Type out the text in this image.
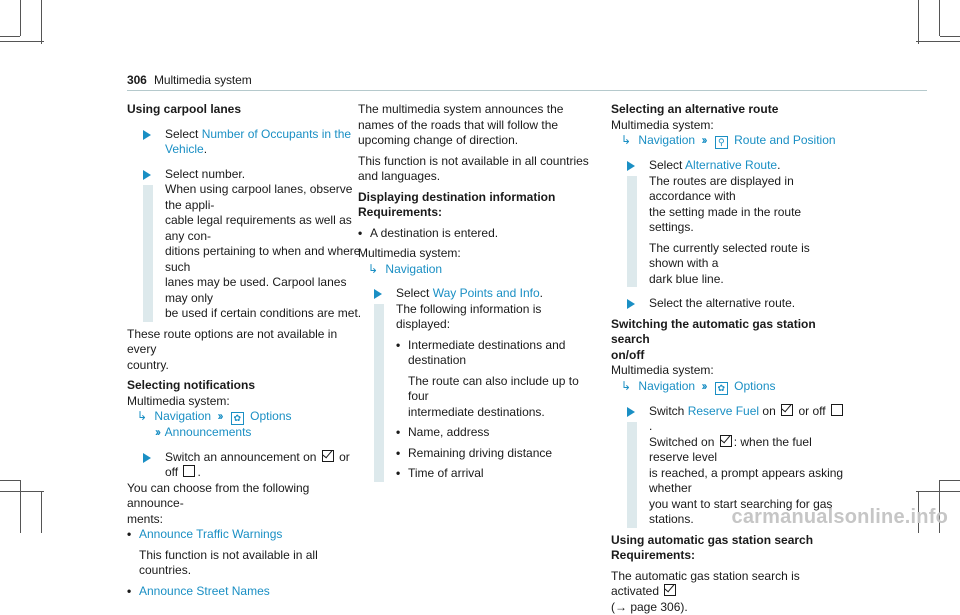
306 Multimedia system

Using carpool lanes

Select Number of Occupants in the Vehicle.
Select number.
When using carpool lanes, observe the appli-
cable legal requirements as well as any con-
ditions pertaining to when and where such
lanes may be used. Carpool lanes may only
be used if certain conditions are met.
These route options are not available in every
country.

Selecting notifications

Multimedia system:
↳ Navigation ›› ✿ Options
›› Announcements
Switch an announcement on or off .
You can choose from the following announce-
ments:
• Announce Traffic Warnings
This function is not available in all countries.
• Announce Street Names
The multimedia system announces the
names of the roads that will follow the
upcoming change of direction.
This function is not available in all countries
and languages.

Displaying destination information

Requirements:

• A destination is entered.
Multimedia system:
↳ Navigation
Select Way Points and Info.
The following information is displayed:
• Intermediate destinations and destination
The route can also include up to four
intermediate destinations.
• Name, address
• Remaining driving distance
• Time of arrival

Selecting an alternative route

Multimedia system:
↳ Navigation ›› ⚲ Route and Position
Select Alternative Route.
The routes are displayed in accordance with
the setting made in the route settings.
The currently selected route is shown with a
dark blue line.
Select the alternative route.

Switching the automatic gas station search

on/off

Multimedia system:
↳ Navigation ›› ✿ Options
Switch Reserve Fuel on or off .
Switched on : when the fuel reserve level
is reached, a prompt appears asking whether
you want to start searching for gas stations.

Using automatic gas station search

Requirements:

The automatic gas station search is activated
(→ page 306).
carmanualsonline.info
